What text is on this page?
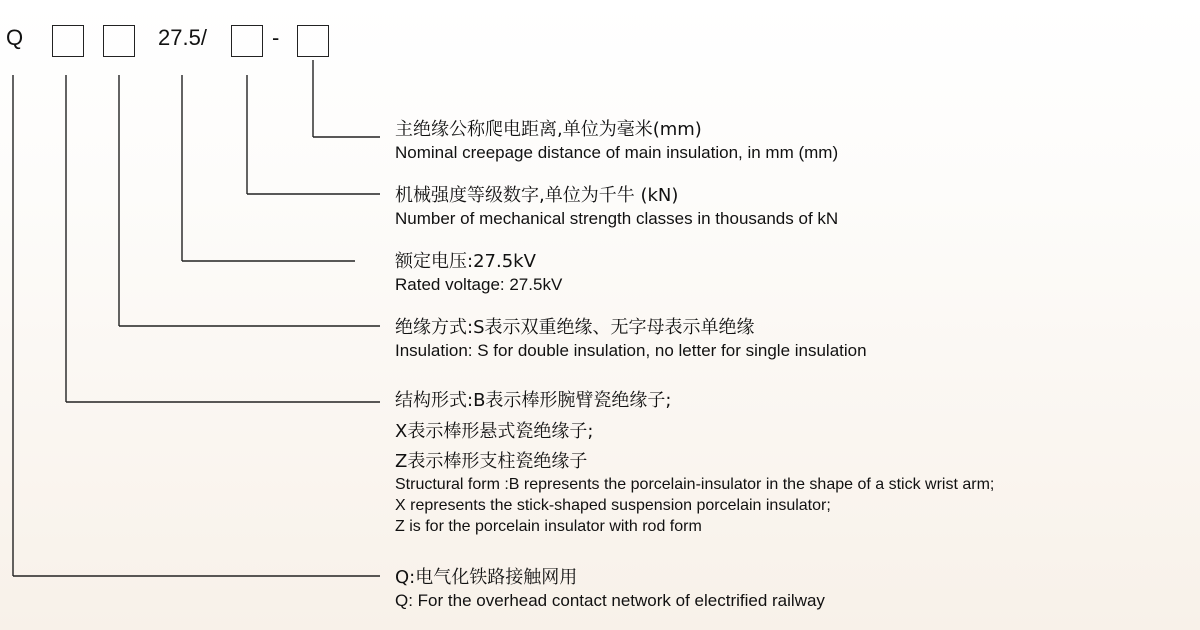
Q	27.5/	-
主绝缘公称爬电距离,单位为毫米(mm)
Nominal creepage distance of main insulation, in mm (mm)
机械强度等级数字,单位为千牛 (kN)
Number of mechanical strength classes in thousands of kN
额定电压:27.5kV
Rated voltage: 27.5kV
绝缘方式:S表示双重绝缘、无字母表示单绝缘
Insulation: S for double insulation, no letter for single insulation
结构形式:B表示棒形腕臂瓷绝缘子;
X表示棒形悬式瓷绝缘子;
Z表示棒形支柱瓷绝缘子
Structural form :B represents the porcelain-insulator in the shape of a stick wrist arm;
X represents the stick-shaped suspension porcelain insulator;
Z is for the porcelain insulator with rod form
Q:电气化铁路接触网用
Q: For the overhead contact network of electrified railway
